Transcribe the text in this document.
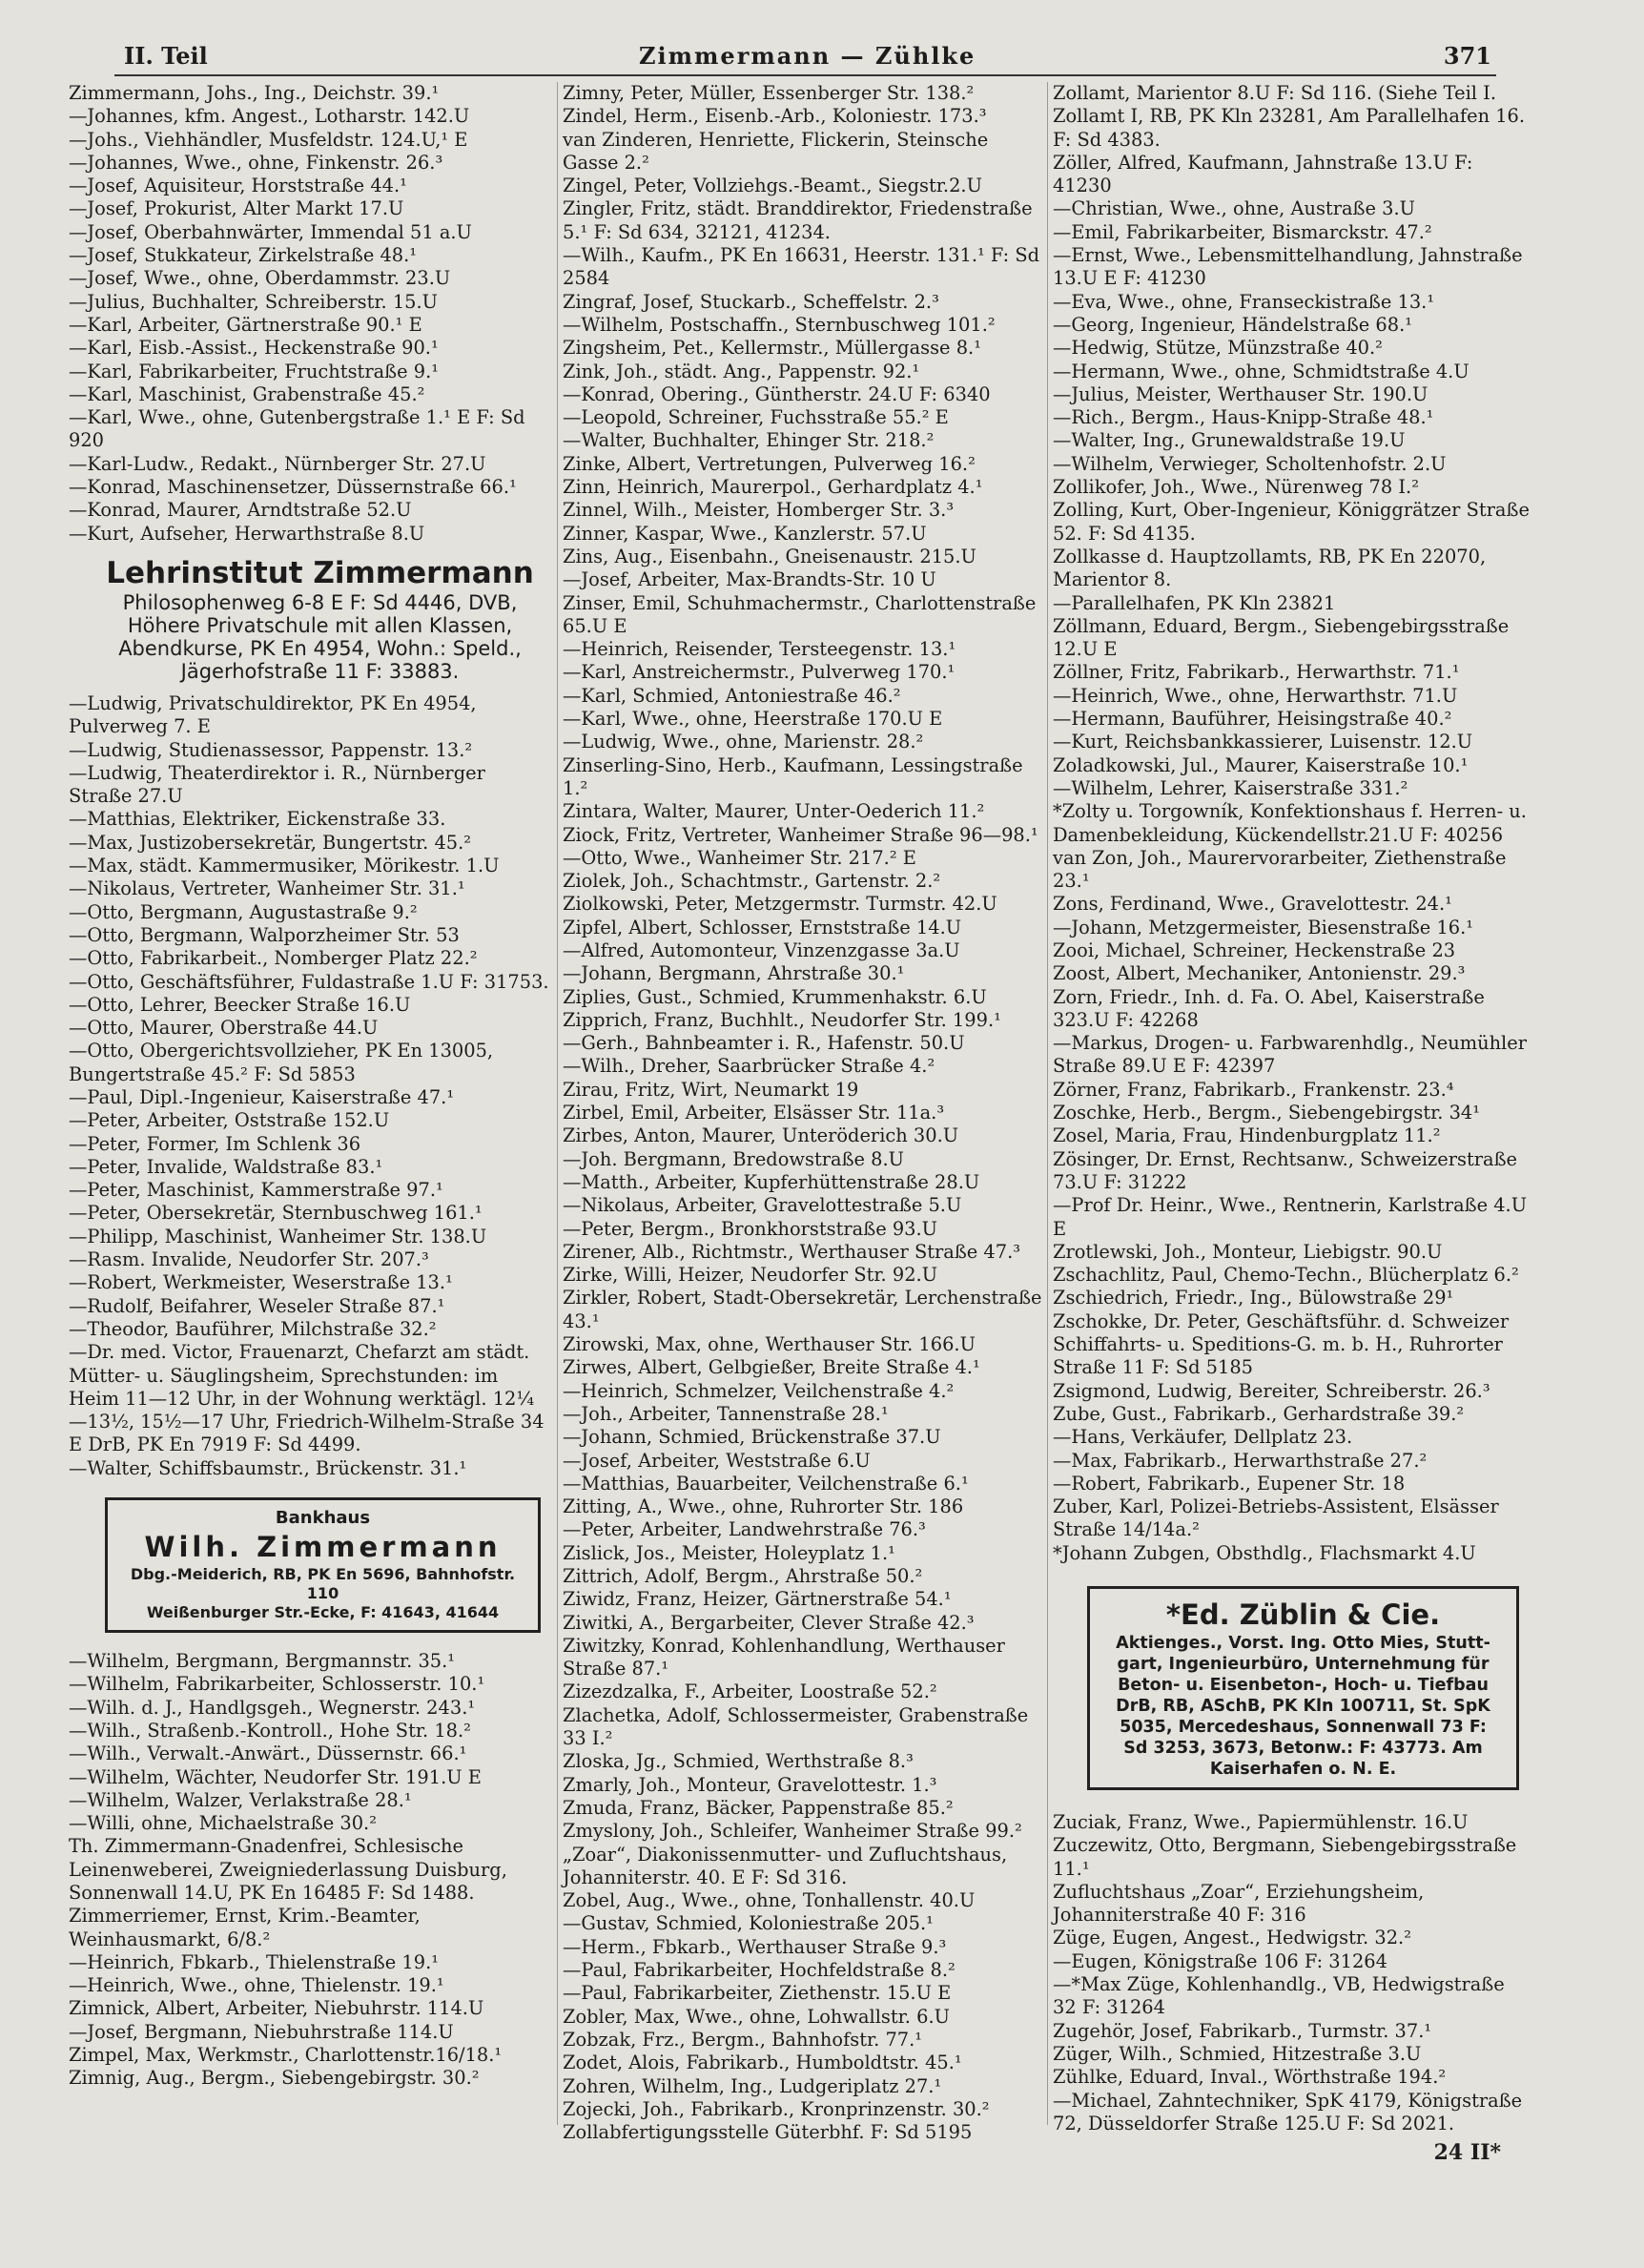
II. Teil	Zimmermann — Zühlke	371
Zimmermann, Johs., Ing., Deichstr. 39.¹
—Johannes, kfm. Angest., Lotharstr. 142.U
—Johs., Viehhändler, Musfeldstr. 124.U,¹ E
—Johannes, Wwe., ohne, Finkenstr. 26.³
—Josef, Aquisiteur, Horststraße 44.¹
—Josef, Prokurist, Alter Markt 17.U
—Josef, Oberbahnwärter, Immendal 51 a.U
—Josef, Stukkateur, Zirkelstraße 48.¹
—Josef, Wwe., ohne, Oberdammstr. 23.U
—Julius, Buchhalter, Schreiberstr. 15.U
—Karl, Arbeiter, Gärtnerstraße 90.¹ E
—Karl, Eisb.-Assist., Heckenstraße 90.¹
—Karl, Fabrikarbeiter, Fruchtstraße 9.¹
—Karl, Maschinist, Grabenstraße 45.²
—Karl, Wwe., ohne, Gutenbergstraße 1.¹ E F: Sd 920
—Karl-Ludw., Redakt., Nürnberger Str. 27.U
—Konrad, Maschinensetzer, Düssernstraße 66.¹
—Konrad, Maurer, Arndtstraße 52.U
—Kurt, Aufseher, Herwarthstraße 8.U
Lehrinstitut Zimmermann
Philosophenweg 6-8 E F: Sd 4446, DVB,
Höhere Privatschule mit allen Klassen,
Abendkurse, PK En 4954, Wohn.: Speld.,
Jägerhofstraße 11 F: 33883.
—Ludwig, Privatschuldirektor, PK En 4954, Pulverweg 7. E
—Ludwig, Studienassessor, Pappenstr. 13.²
—Ludwig, Theaterdirektor i. R., Nürnberger Straße 27.U
—Matthias, Elektriker, Eickenstraße 33.
—Max, Justizobersekretär, Bungertstr. 45.²
—Max, städt. Kammermusiker, Mörikestr. 1.U
—Nikolaus, Vertreter, Wanheimer Str. 31.¹
—Otto, Bergmann, Augustastraße 9.²
—Otto, Bergmann, Walporzheimer Str. 53
—Otto, Fabrikarbeit., Nomberger Platz 22.²
—Otto, Geschäftsführer, Fuldastraße 1.U F: 31753.
—Otto, Lehrer, Beecker Straße 16.U
—Otto, Maurer, Oberstraße 44.U
—Otto, Obergerichtsvollzieher, PK En 13005, Bungertstraße 45.² F: Sd 5853
—Paul, Dipl.-Ingenieur, Kaiserstraße 47.¹
—Peter, Arbeiter, Oststraße 152.U
—Peter, Former, Im Schlenk 36
—Peter, Invalide, Waldstraße 83.¹
—Peter, Maschinist, Kammerstraße 97.¹
—Peter, Obersekretär, Sternbuschweg 161.¹
—Philipp, Maschinist, Wanheimer Str. 138.U
—Rasm. Invalide, Neudorfer Str. 207.³
—Robert, Werkmeister, Weserstraße 13.¹
—Rudolf, Beifahrer, Weseler Straße 87.¹
—Theodor, Bauführer, Milchstraße 32.²
—Dr. med. Victor, Frauenarzt, Chefarzt am städt. Mütter- u. Säuglingsheim, Sprechstunden: im Heim 11—12 Uhr, in der Wohnung werktägl. 12¼—13½, 15½—17 Uhr, Friedrich-Wilhelm-Straße 34 E DrB, PK En 7919 F: Sd 4499.
—Walter, Schiffsbaumstr., Brückenstr. 31.¹
Bankhaus
Wilh. Zimmermann
Dbg.-Meiderich, RB, PK En 5696, Bahnhofstr. 110
Weißenburger Str.-Ecke, F: 41643, 41644
—Wilhelm, Bergmann, Bergmannstr. 35.¹
—Wilhelm, Fabrikarbeiter, Schlosserstr. 10.¹
—Wilh. d. J., Handlgsgeh., Wegnerstr. 243.¹
—Wilh., Straßenb.-Kontroll., Hohe Str. 18.²
—Wilh., Verwalt.-Anwärt., Düssernstr. 66.¹
—Wilhelm, Wächter, Neudorfer Str. 191.U E
—Wilhelm, Walzer, Verlakstraße 28.¹
—Willi, ohne, Michaelstraße 30.²
Th. Zimmermann-Gnadenfrei, Schlesische Leinenweberei, Zweigniederlassung Duisburg, Sonnenwall 14.U, PK En 16485 F: Sd 1488.
Zimmerriemer, Ernst, Krim.-Beamter, Weinhausmarkt, 6/8.²
—Heinrich, Fbkarb., Thielenstraße 19.¹
—Heinrich, Wwe., ohne, Thielenstr. 19.¹
Zimnick, Albert, Arbeiter, Niebuhrstr. 114.U
—Josef, Bergmann, Niebuhrstraße 114.U
Zimpel, Max, Werkmstr., Charlottenstr.16/18.¹
Zimnig, Aug., Bergm., Siebengebirgstr. 30.²
Zimny, Peter, Müller, Essenberger Str. 138.²
Zindel, Herm., Eisenb.-Arb., Koloniestr. 173.³
van Zinderen, Henriette, Flickerin, Steinsche Gasse 2.²
Zingel, Peter, Vollziehgs.-Beamt., Siegstr.2.U
Zingler, Fritz, städt. Branddirektor, Friedenstraße 5.¹ F: Sd 634, 32121, 41234.
—Wilh., Kaufm., PK En 16631, Heerstr. 131.¹ F: Sd 2584
Zingraf, Josef, Stuckarb., Scheffelstr. 2.³
—Wilhelm, Postschaffn., Sternbuschweg 101.²
Zingsheim, Pet., Kellermstr., Müllergasse 8.¹
Zink, Joh., städt. Ang., Pappenstr. 92.¹
—Konrad, Obering., Güntherstr. 24.U F: 6340
—Leopold, Schreiner, Fuchsstraße 55.² E
—Walter, Buchhalter, Ehinger Str. 218.²
Zinke, Albert, Vertretungen, Pulverweg 16.²
Zinn, Heinrich, Maurerpol., Gerhardplatz 4.¹
Zinnel, Wilh., Meister, Homberger Str. 3.³
Zinner, Kaspar, Wwe., Kanzlerstr. 57.U
Zins, Aug., Eisenbahn., Gneisenaustr. 215.U
—Josef, Arbeiter, Max-Brandts-Str. 10 U
Zinser, Emil, Schuhmachermstr., Charlottenstraße 65.U E
—Heinrich, Reisender, Tersteegenstr. 13.¹
—Karl, Anstreichermstr., Pulverweg 170.¹
—Karl, Schmied, Antoniestraße 46.²
—Karl, Wwe., ohne, Heerstraße 170.U E
—Ludwig, Wwe., ohne, Marienstr. 28.²
Zinserling-Sino, Herb., Kaufmann, Lessingstraße 1.²
Zintara, Walter, Maurer, Unter-Oederich 11.²
Ziock, Fritz, Vertreter, Wanheimer Straße 96—98.¹
—Otto, Wwe., Wanheimer Str. 217.² E
Ziolek, Joh., Schachtmstr., Gartenstr. 2.²
Ziolkowski, Peter, Metzgermstr. Turmstr. 42.U
Zipfel, Albert, Schlosser, Ernststraße 14.U
—Alfred, Automonteur, Vinzenzgasse 3a.U
—Johann, Bergmann, Ahrstraße 30.¹
Ziplies, Gust., Schmied, Krummenhakstr. 6.U
Zipprich, Franz, Buchhlt., Neudorfer Str. 199.¹
—Gerh., Bahnbeamter i. R., Hafenstr. 50.U
—Wilh., Dreher, Saarbrücker Straße 4.²
Zirau, Fritz, Wirt, Neumarkt 19
Zirbel, Emil, Arbeiter, Elsässer Str. 11a.³
Zirbes, Anton, Maurer, Unteröderich 30.U
—Joh. Bergmann, Bredowstraße 8.U
—Matth., Arbeiter, Kupferhüttenstraße 28.U
—Nikolaus, Arbeiter, Gravelottestraße 5.U
—Peter, Bergm., Bronkhorststraße 93.U
Zirener, Alb., Richtmstr., Werthauser Straße 47.³
Zirke, Willi, Heizer, Neudorfer Str. 92.U
Zirkler, Robert, Stadt-Obersekretär, Lerchenstraße 43.¹
Zirowski, Max, ohne, Werthauser Str. 166.U
Zirwes, Albert, Gelbgießer, Breite Straße 4.¹
—Heinrich, Schmelzer, Veilchenstraße 4.²
—Joh., Arbeiter, Tannenstraße 28.¹
—Johann, Schmied, Brückenstraße 37.U
—Josef, Arbeiter, Weststraße 6.U
—Matthias, Bauarbeiter, Veilchenstraße 6.¹
Zitting, A., Wwe., ohne, Ruhrorter Str. 186
—Peter, Arbeiter, Landwehrstraße 76.³
Zislick, Jos., Meister, Holeyplatz 1.¹
Zittrich, Adolf, Bergm., Ahrstraße 50.²
Ziwidz, Franz, Heizer, Gärtnerstraße 54.¹
Ziwitki, A., Bergarbeiter, Clever Straße 42.³
Ziwitzky, Konrad, Kohlenhandlung, Werthauser Straße 87.¹
Zizezdzalka, F., Arbeiter, Loostraße 52.²
Zlachetka, Adolf, Schlossermeister, Grabenstraße 33 I.²
Zloska, Jg., Schmied, Werthstraße 8.³
Zmarly, Joh., Monteur, Gravelottestr. 1.³
Zmuda, Franz, Bäcker, Pappenstraße 85.²
Zmyslony, Joh., Schleifer, Wanheimer Straße 99.²
„Zoar“, Diakonissenmutter- und Zufluchtshaus, Johanniterstr. 40. E F: Sd 316.
Zobel, Aug., Wwe., ohne, Tonhallenstr. 40.U
—Gustav, Schmied, Koloniestraße 205.¹
—Herm., Fbkarb., Werthauser Straße 9.³
—Paul, Fabrikarbeiter, Hochfeldstraße 8.²
—Paul, Fabrikarbeiter, Ziethenstr. 15.U E
Zobler, Max, Wwe., ohne, Lohwallstr. 6.U
Zobzak, Frz., Bergm., Bahnhofstr. 77.¹
Zodet, Alois, Fabrikarb., Humboldtstr. 45.¹
Zohren, Wilhelm, Ing., Ludgeriplatz 27.¹
Zojecki, Joh., Fabrikarb., Kronprinzenstr. 30.²
Zollabfertigungsstelle Güterbhf. F: Sd 5195
Zollamt, Marientor 8.U F: Sd 116. (Siehe Teil I.
Zollamt I, RB, PK Kln 23281, Am Parallelhafen 16. F: Sd 4383.
Zöller, Alfred, Kaufmann, Jahnstraße 13.U F: 41230
—Christian, Wwe., ohne, Austraße 3.U
—Emil, Fabrikarbeiter, Bismarckstr. 47.²
—Ernst, Wwe., Lebensmittelhandlung, Jahnstraße 13.U E F: 41230
—Eva, Wwe., ohne, Franseckistraße 13.¹
—Georg, Ingenieur, Händelstraße 68.¹
—Hedwig, Stütze, Münzstraße 40.²
—Hermann, Wwe., ohne, Schmidtstraße 4.U
—Julius, Meister, Werthauser Str. 190.U
—Rich., Bergm., Haus-Knipp-Straße 48.¹
—Walter, Ing., Grunewaldstraße 19.U
—Wilhelm, Verwieger, Scholtenhofstr. 2.U
Zollikofer, Joh., Wwe., Nürenweg 78 I.²
Zolling, Kurt, Ober-Ingenieur, Königgrätzer Straße 52. F: Sd 4135.
Zollkasse d. Hauptzollamts, RB, PK En 22070, Marientor 8.
—Parallelhafen, PK Kln 23821
Zöllmann, Eduard, Bergm., Siebengebirgsstraße 12.U E
Zöllner, Fritz, Fabrikarb., Herwarthstr. 71.¹
—Heinrich, Wwe., ohne, Herwarthstr. 71.U
—Hermann, Bauführer, Heisingstraße 40.²
—Kurt, Reichsbankkassierer, Luisenstr. 12.U
Zoladkowski, Jul., Maurer, Kaiserstraße 10.¹
—Wilhelm, Lehrer, Kaiserstraße 331.²
*Zolty u. Torgowník, Konfektionshaus f. Herren- u. Damenbekleidung, Kückendellstr.21.U F: 40256
van Zon, Joh., Maurervorarbeiter, Ziethenstraße 23.¹
Zons, Ferdinand, Wwe., Gravelottestr. 24.¹
—Johann, Metzgermeister, Biesenstraße 16.¹
Zooi, Michael, Schreiner, Heckenstraße 23
Zoost, Albert, Mechaniker, Antonienstr. 29.³
Zorn, Friedr., Inh. d. Fa. O. Abel, Kaiserstraße 323.U F: 42268
—Markus, Drogen- u. Farbwarenhdlg., Neumühler Straße 89.U E F: 42397
Zörner, Franz, Fabrikarb., Frankenstr. 23.⁴
Zoschke, Herb., Bergm., Siebengebirgstr. 34¹
Zosel, Maria, Frau, Hindenburgplatz 11.²
Zösinger, Dr. Ernst, Rechtsanw., Schweizerstraße 73.U F: 31222
—Prof Dr. Heinr., Wwe., Rentnerin, Karlstraße 4.U E
Zrotlewski, Joh., Monteur, Liebigstr. 90.U
Zschachlitz, Paul, Chemo-Techn., Blücherplatz 6.²
Zschiedrich, Friedr., Ing., Bülowstraße 29¹
Zschokke, Dr. Peter, Geschäftsführ. d. Schweizer Schiffahrts- u. Speditions-G. m. b. H., Ruhrorter Straße 11 F: Sd 5185
Zsigmond, Ludwig, Bereiter, Schreiberstr. 26.³
Zube, Gust., Fabrikarb., Gerhardstraße 39.²
—Hans, Verkäufer, Dellplatz 23.
—Max, Fabrikarb., Herwarthstraße 27.²
—Robert, Fabrikarb., Eupener Str. 18
Zuber, Karl, Polizei-Betriebs-Assistent, Elsässer Straße 14/14a.²
*Johann Zubgen, Obsthdlg., Flachsmarkt 4.U
*Ed. Züblin & Cie.
Aktienges., Vorst. Ing. Otto Mies, Stutt-
gart, Ingenieurbüro, Unternehmung für
Beton- u. Eisenbeton-, Hoch- u. Tiefbau
DrB, RB, ASchB, PK Kln 100711, St. SpK
5035, Mercedeshaus, Sonnenwall 73 F:
Sd 3253, 3673, Betonw.: F: 43773. Am
Kaiserhafen o. N. E.
Zuciak, Franz, Wwe., Papiermühlenstr. 16.U
Zuczewitz, Otto, Bergmann, Siebengebirgsstraße 11.¹
Zufluchtshaus „Zoar“, Erziehungsheim, Johanniterstraße 40 F: 316
Züge, Eugen, Angest., Hedwigstr. 32.²
—Eugen, Königstraße 106 F: 31264
—*Max Züge, Kohlenhandlg., VB, Hedwigstraße 32 F: 31264
Zugehör, Josef, Fabrikarb., Turmstr. 37.¹
Züger, Wilh., Schmied, Hitzestraße 3.U
Zühlke, Eduard, Inval., Wörthstraße 194.²
—Michael, Zahntechniker, SpK 4179, Königstraße 72, Düsseldorfer Straße 125.U F: Sd 2021.
24 II*
